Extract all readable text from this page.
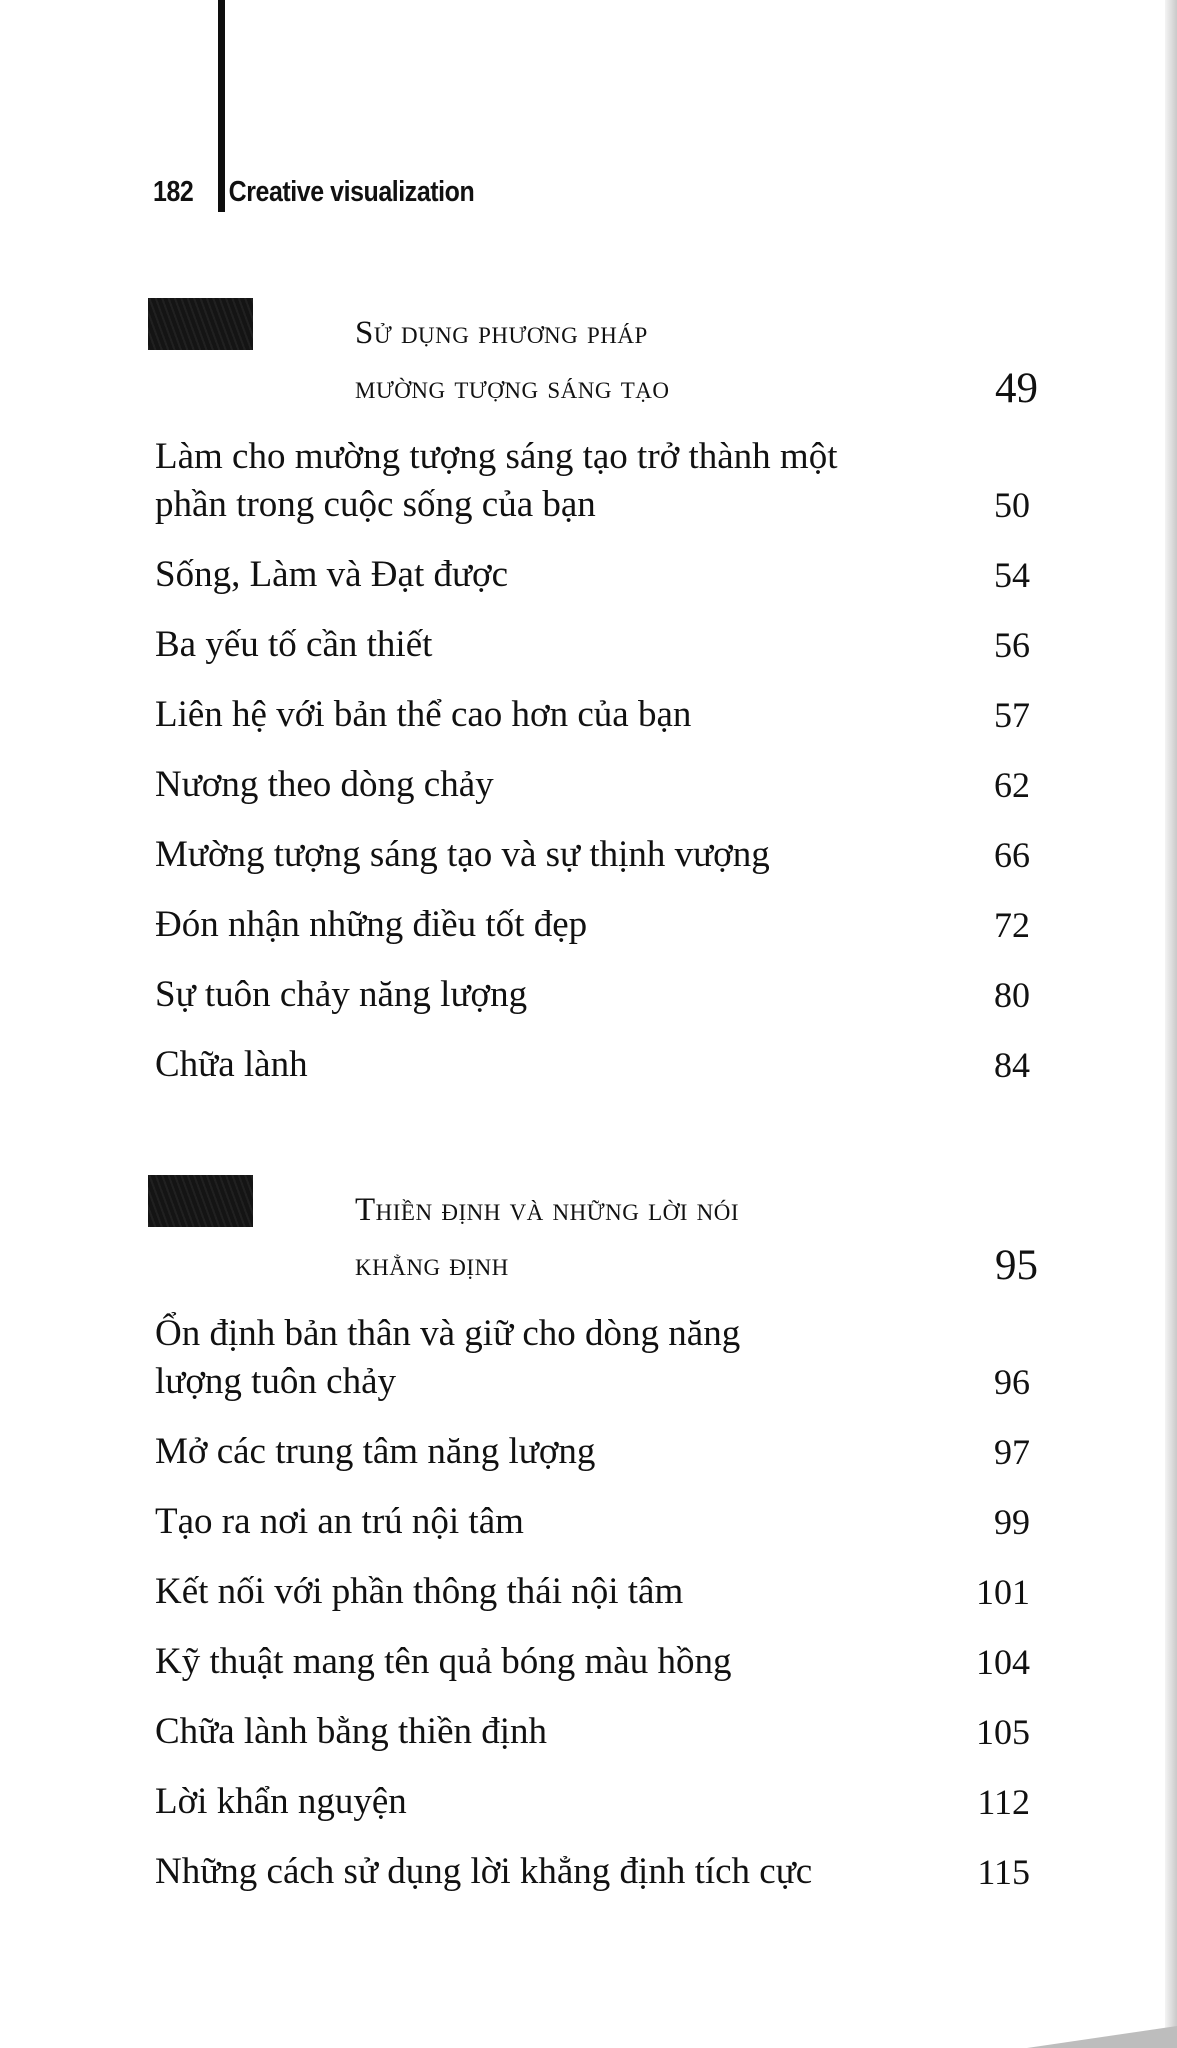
182 Creative visualization
Sử dụng phương pháp
mường tượng sáng tạo	49
Làm cho mường tượng sáng tạo trở thành một phần trong cuộc sống của bạn	50
Sống, Làm và Đạt được	54
Ba yếu tố cần thiết	56
Liên hệ với bản thể cao hơn của bạn	57
Nương theo dòng chảy	62
Mường tượng sáng tạo và sự thịnh vượng	66
Đón nhận những điều tốt đẹp	72
Sự tuôn chảy năng lượng	80
Chữa lành	84
Thiền định và những lời nói
khẳng định	95
Ổn định bản thân và giữ cho dòng năng lượng tuôn chảy	96
Mở các trung tâm năng lượng	97
Tạo ra nơi an trú nội tâm	99
Kết nối với phần thông thái nội tâm	101
Kỹ thuật mang tên quả bóng màu hồng	104
Chữa lành bằng thiền định	105
Lời khẩn nguyện	112
Những cách sử dụng lời khẳng định tích cực	115
